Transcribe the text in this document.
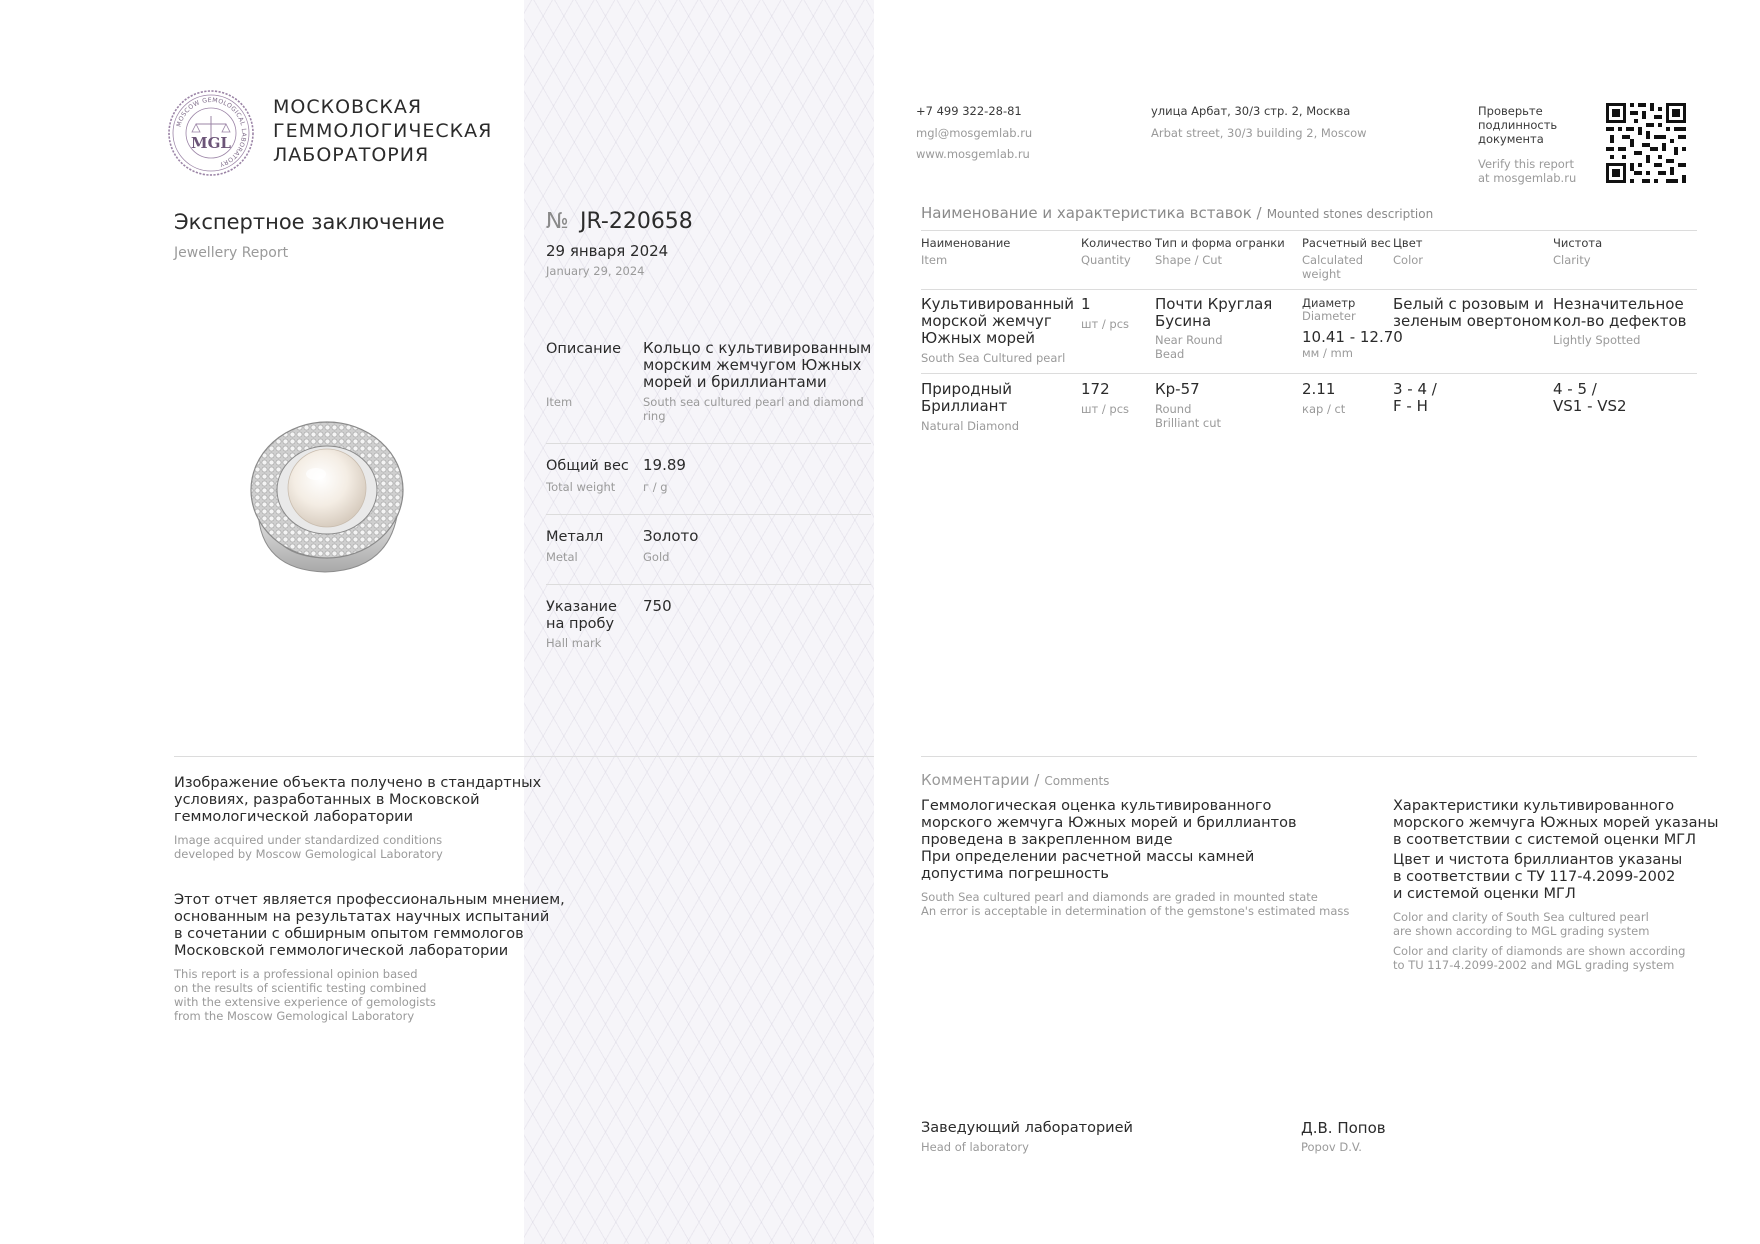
MOSCOW GEMOLOGICAL LABORATORY
MGL
МОСКОВСКАЯ
ГЕММОЛОГИЧЕСКАЯ
ЛАБОРАТОРИЯ
+7 499 322-28-81
mgl@mosgemlab.ru
www.mosgemlab.ru
улица Арбат, 30/3 стр. 2, Москва
Arbat street, 30/3 building 2, Moscow
Проверьте
подлинность
документа
Verify this report
at mosgemlab.ru
Экспертное заключение
Jewellery Report
№ JR-220658
29 января 2024
January 29, 2024
Описание
Item
Кольцо с культивированным
морским жемчугом Южных
морей и бриллиантами
South sea cultured pearl and diamond
ring
Общий вес
Total weight
19.89
г / g
Металл
Metal
Золото
Gold
Указание
на пробу
Hall mark
750
Наименование и характеристика вставок / Mounted stones description
Наименование
Item
Количество
Quantity
Тип и форма огранки
Shape / Cut
Расчетный вес
Calculated
weight
Цвет
Color
Чистота
Clarity
Культивированный
морской жемчуг
Южных морей
South Sea Cultured pearl
1
шт / pcs
Почти Круглая
Бусина
Near Round
Bead
Диаметр
Diameter
10.41 - 12.70
мм / mm
Белый с розовым и
зеленым овертоном
Незначительное
кол-во дефектов
Lightly Spotted
Природный
Бриллиант
Natural Diamond
172
шт / pcs
Кр-57
Round
Brilliant cut
2.11
кар / ct
3 - 4 /
F - H
4 - 5 /
VS1 - VS2
Изображение объекта получено в стандартных
условиях, разработанных в Московской
геммологической лаборатории
Image acquired under standardized conditions
developed by Moscow Gemological Laboratory
Этот отчет является профессиональным мнением,
основанным на результатах научных испытаний
в сочетании с обширным опытом геммологов
Московской геммологической лаборатории
This report is a professional opinion based
on the results of scientific testing combined
with the extensive experience of gemologists
from the Moscow Gemological Laboratory
Комментарии / Comments
Геммологическая оценка культивированного
морского жемчуга Южных морей и бриллиантов
проведена в закрепленном виде
При определении расчетной массы камней
допустима погрешность
South Sea cultured pearl and diamonds are graded in mounted state
An error is acceptable in determination of the gemstone's estimated mass
Характеристики культивированного
морского жемчуга Южных морей указаны
в соответствии с системой оценки МГЛ
Цвет и чистота бриллиантов указаны
в соответствии с ТУ 117-4.2099-2002
и системой оценки МГЛ
Color and clarity of South Sea cultured pearl
are shown according to MGL grading system
Color and clarity of diamonds are shown according
to TU 117-4.2099-2002 and MGL grading system
Заведующий лабораторией
Head of laboratory
Д.В. Попов
Popov D.V.
